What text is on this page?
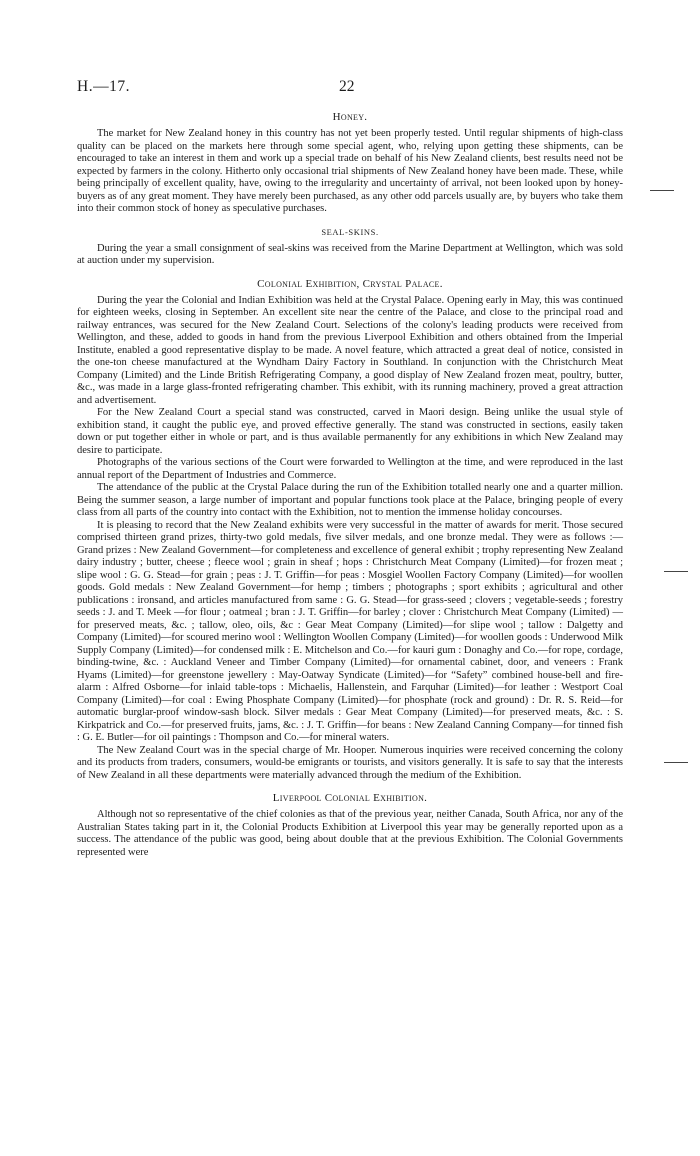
H.—17.	22
Honey.

The market for New Zealand honey in this country has not yet been properly tested. Until regular shipments of high-class quality can be placed on the markets here through some special agent, who, relying upon getting these shipments, can be encouraged to take an interest in them and work up a special trade on behalf of his New Zealand clients, best results need not be expected by farmers in the colony. Hitherto only occasional trial shipments of New Zealand honey have been made. These, while being principally of excellent quality, have, owing to the irregularity and uncertainty of arrival, not been looked upon by honey-buyers as of any great moment. They have merely been purchased, as any other odd parcels usually are, by buyers who take them into their common stock of honey as speculative purchases.

SEAL-SKINS.

During the year a small consignment of seal-skins was received from the Marine Department at Wellington, which was sold at auction under my supervision.

Colonial Exhibition, Crystal Palace.

During the year the Colonial and Indian Exhibition was held at the Crystal Palace. Opening early in May, this was continued for eighteen weeks, closing in September. An excellent site near the centre of the Palace, and close to the principal road and railway entrances, was secured for the New Zealand Court. Selections of the colony's leading products were received from Wellington, and these, added to goods in hand from the previous Liverpool Exhibition and others obtained from the Imperial Institute, enabled a good representative display to be made. A novel feature, which attracted a great deal of notice, consisted in the one-ton cheese manufactured at the Wyndham Dairy Factory in Southland. In conjunction with the Christchurch Meat Company (Limited) and the Linde British Refrigerating Company, a good display of New Zealand frozen meat, poultry, butter, &c., was made in a large glass-fronted refrigerating chamber. This exhibit, with its running machinery, proved a great attraction and advertisement.

For the New Zealand Court a special stand was constructed, carved in Maori design. Being unlike the usual style of exhibition stand, it caught the public eye, and proved effective generally. The stand was constructed in sections, easily taken down or put together either in whole or part, and is thus available permanently for any exhibitions in which New Zealand may desire to participate.

Photographs of the various sections of the Court were forwarded to Wellington at the time, and were reproduced in the last annual report of the Department of Industries and Commerce.

The attendance of the public at the Crystal Palace during the run of the Exhibition totalled nearly one and a quarter million. Being the summer season, a large number of important and popular functions took place at the Palace, bringing people of every class from all parts of the country into contact with the Exhibition, not to mention the immense holiday concourses.

It is pleasing to record that the New Zealand exhibits were very successful in the matter of awards for merit. Those secured comprised thirteen grand prizes, thirty-two gold medals, five silver medals, and one bronze medal. They were as follows :—Grand prizes : New Zealand Government—for completeness and excellence of general exhibit ; trophy representing New Zealand dairy industry ; butter, cheese ; fleece wool ; grain in sheaf ; hops : Christchurch Meat Company (Limited)—for frozen meat ; slipe wool : G. G. Stead—for grain ; peas : J. T. Griffin—for peas : Mosgiel Woollen Factory Company (Limited)—for woollen goods. Gold medals : New Zealand Government—for hemp ; timbers ; photographs ; sport exhibits ; agricultural and other publications : ironsand, and articles manufactured from same : G. G. Stead—for grass-seed ; clovers ; vegetable-seeds ; forestry seeds : J. and T. Meek —for flour ; oatmeal ; bran : J. T. Griffin—for barley ; clover : Christchurch Meat Company (Limited) —for preserved meats, &c. ; tallow, oleo, oils, &c : Gear Meat Company (Limited)—for slipe wool ; tallow : Dalgetty and Company (Limited)—for scoured merino wool : Wellington Woollen Company (Limited)—for woollen goods : Underwood Milk Supply Company (Limited)—for condensed milk : E. Mitchelson and Co.—for kauri gum : Donaghy and Co.—for rope, cordage, binding-twine, &c. : Auckland Veneer and Timber Company (Limited)—for ornamental cabinet, door, and veneers : Frank Hyams (Limited)—for greenstone jewellery : May-Oatway Syndicate (Limited)—for “Safety” combined house-bell and fire-alarm : Alfred Osborne—for inlaid table-tops : Michaelis, Hallenstein, and Farquhar (Limited)—for leather : Westport Coal Company (Limited)—for coal : Ewing Phosphate Company (Limited)—for phosphate (rock and ground) : Dr. R. S. Reid—for automatic burglar-proof window-sash block. Silver medals : Gear Meat Company (Limited)—for preserved meats, &c. : S. Kirkpatrick and Co.—for preserved fruits, jams, &c. : J. T. Griffin—for beans : New Zealand Canning Company—for tinned fish : G. E. Butler—for oil paintings : Thompson and Co.—for mineral waters.

The New Zealand Court was in the special charge of Mr. Hooper. Numerous inquiries were received concerning the colony and its products from traders, consumers, would-be emigrants or tourists, and visitors generally. It is safe to say that the interests of New Zealand in all these departments were materially advanced through the medium of the Exhibition.

Liverpool Colonial Exhibition.

Although not so representative of the chief colonies as that of the previous year, neither Canada, South Africa, nor any of the Australian States taking part in it, the Colonial Products Exhibition at Liverpool this year may be generally reported upon as a success. The attendance of the public was good, being about double that at the previous Exhibition. The Colonial Governments represented were
